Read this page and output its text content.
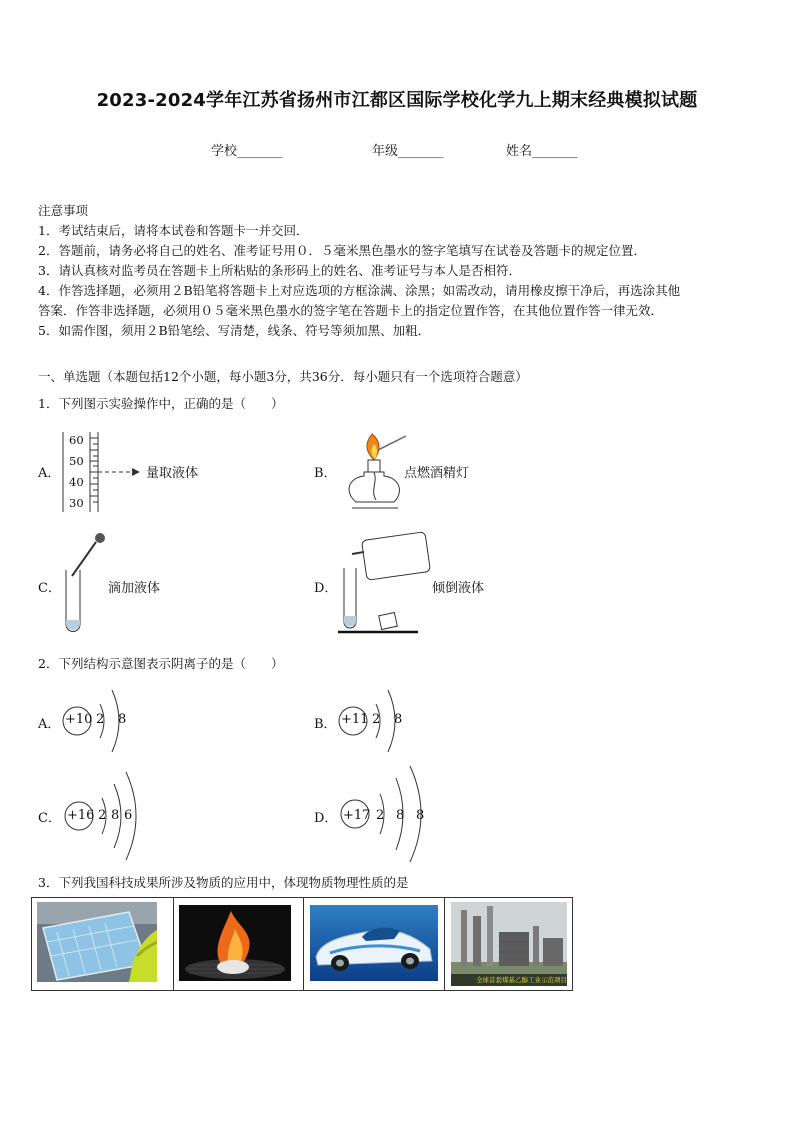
2023-2024学年江苏省扬州市江都区国际学校化学九上期末经典模拟试题
学校_______	年级_______	姓名_______
注意事项
1．考试结束后，请将本试卷和答题卡一并交回．
2．答题前，请务必将自己的姓名、准考证号用０．５毫米黑色墨水的签字笔填写在试卷及答题卡的规定位置．
3．请认真核对监考员在答题卡上所粘贴的条形码上的姓名、准考证号与本人是否相符．
4．作答选择题，必须用２B铅笔将答题卡上对应选项的方框涂满、涂黑；如需改动，请用橡皮擦干净后，再选涂其他
答案．作答非选择题，必须用０５毫米黑色墨水的签字笔在答题卡上的指定位置作答，在其他位置作答一律无效．
5．如需作图，须用２B铅笔绘、写清楚，线条、符号等须加黑、加粗．
一、单选题（本题包括12个小题，每小题3分，共36分．每小题只有一个选项符合题意）
1．下列图示实验操作中，正确的是（　　）
A．
60
50
40
30
量取液体	B．	点燃酒精灯
C．	滴加液体	D．	倾倒液体
2．下列结构示意图表示阴离子的是（　　）
A． +10 2 8	B． +11 2 8
C． +16 2 8 6	D． +17 2 8 8
3．下列我国科技成果所涉及物质的应用中，体现物质物理性质的是
全球首套煤基乙醇工业示范项目
